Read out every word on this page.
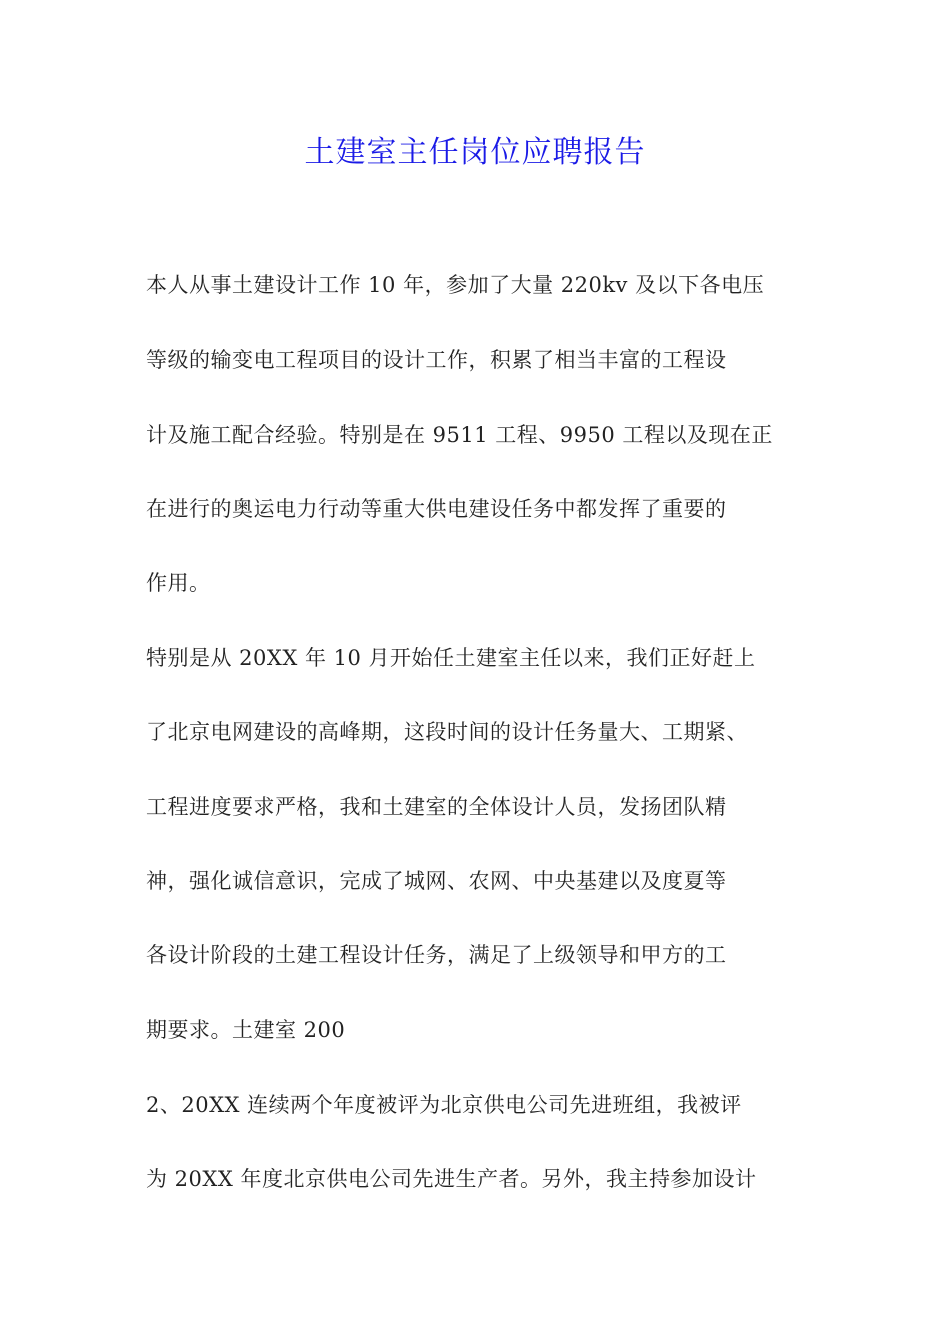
土建室主任岗位应聘报告
本人从事土建设计工作 10 年，参加了大量 220kv 及以下各电压
等级的输变电工程项目的设计工作，积累了相当丰富的工程设
计及施工配合经验。特别是在 9511 工程、9950 工程以及现在正
在进行的奥运电力行动等重大供电建设任务中都发挥了重要的
作用。
特别是从 20XX 年 10 月开始任土建室主任以来，我们正好赶上
了北京电网建设的高峰期，这段时间的设计任务量大、工期紧、
工程进度要求严格，我和土建室的全体设计人员，发扬团队精
神，强化诚信意识，完成了城网、农网、中央基建以及度夏等
各设计阶段的土建工程设计任务，满足了上级领导和甲方的工
期要求。土建室 200
2、20XX 连续两个年度被评为北京供电公司先进班组，我被评
为 20XX 年度北京供电公司先进生产者。另外，我主持参加设计
